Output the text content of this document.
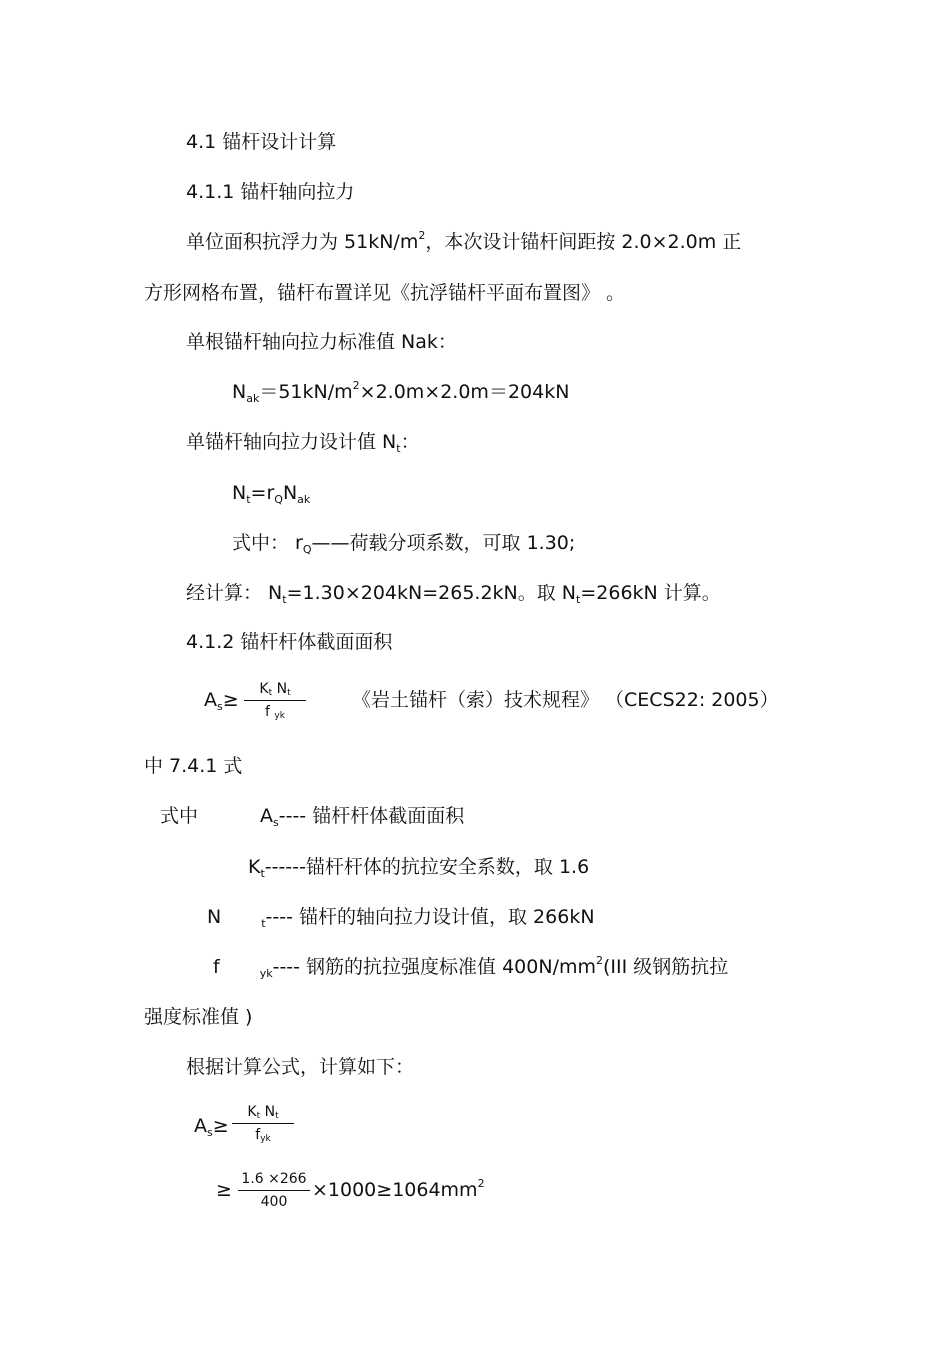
4.1 锚杆设计计算
4.1.1 锚杆轴向拉力
单位面积抗浮力为 $51kN/m^2$，本次设计锚杆间距按 2.0×2.0m 正
方形网格布置，锚杆布置详见《抗浮锚杆平面布置图》 。
单根锚杆轴向拉力标准值 Nak：
$N_{ak}=51kN/m^2\times 2.0m\times 2.0m=204kN$
单锚杆轴向拉力设计值 $N_t$：
$N_t=r_QN_{ak}$
式中： $r_Q——$荷载分项系数，可取 1.30;
经计算： $N_t=1.30\times 204kN=265.2kN$。取 $N_t=266kN$ 计算。
4.1.2 锚杆杆体截面面积
$A_s\ge$	$K_t$ $N_t$
f $_{yk}$
《岩土锚杆（索）技术规程》 （CECS22: 2005）
中 7.4.1 式
式中	$A_s----$ 锚杆杆体截面面积
$K_t------$锚杆杆体的抗拉安全系数，取 1.6
N	$_t$---- 锚杆的轴向拉力设计值，取 266kN
f	$_{yk}$---- 钢筋的抗拉强度标准值 $400N/mm^2(III$ 级钢筋抗拉
强度标准值 )
根据计算公式，计算如下：
$A_s\ge$
$K_t$ $N_t$
$f_{yk}$
≥ 1.6 ×266
400
$\times 1000\ge 1064mm^2$
